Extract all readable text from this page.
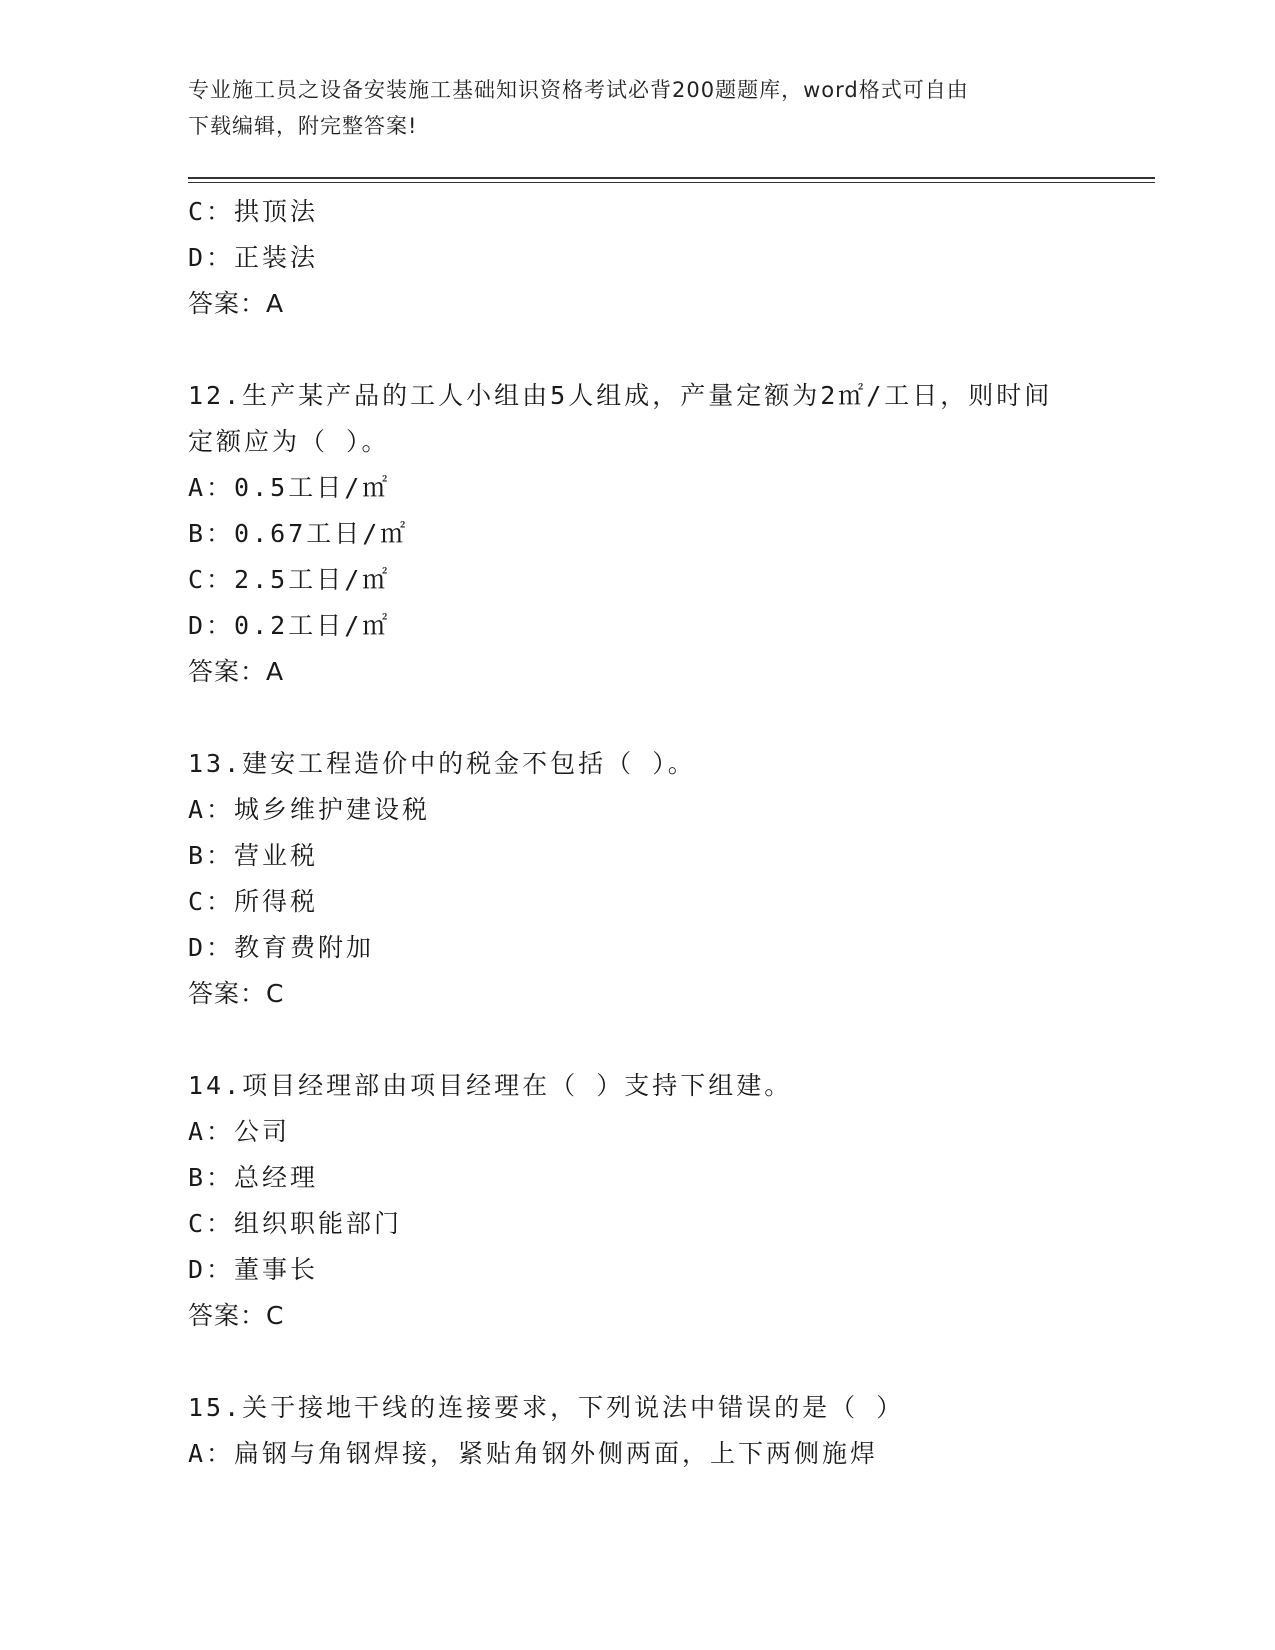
专业施工员之设备安装施工基础知识资格考试必背200题题库，word格式可自由
下载编辑，附完整答案!
C：拱顶法
D：正装法
答案：A
12.生产某产品的工人小组由5人组成，产量定额为2㎡/工日，则时间
定额应为（ ）。
A：0.5工日/㎡
B：0.67工日/㎡
C：2.5工日/㎡
D：0.2工日/㎡
答案：A
13.建安工程造价中的税金不包括（ ）。
A：城乡维护建设税
B：营业税
C：所得税
D：教育费附加
答案：C
14.项目经理部由项目经理在（ ）支持下组建。
A：公司
B：总经理
C：组织职能部门
D：董事长
答案：C
15.关于接地干线的连接要求，下列说法中错误的是（ ）
A：扁钢与角钢焊接，紧贴角钢外侧两面，上下两侧施焊
